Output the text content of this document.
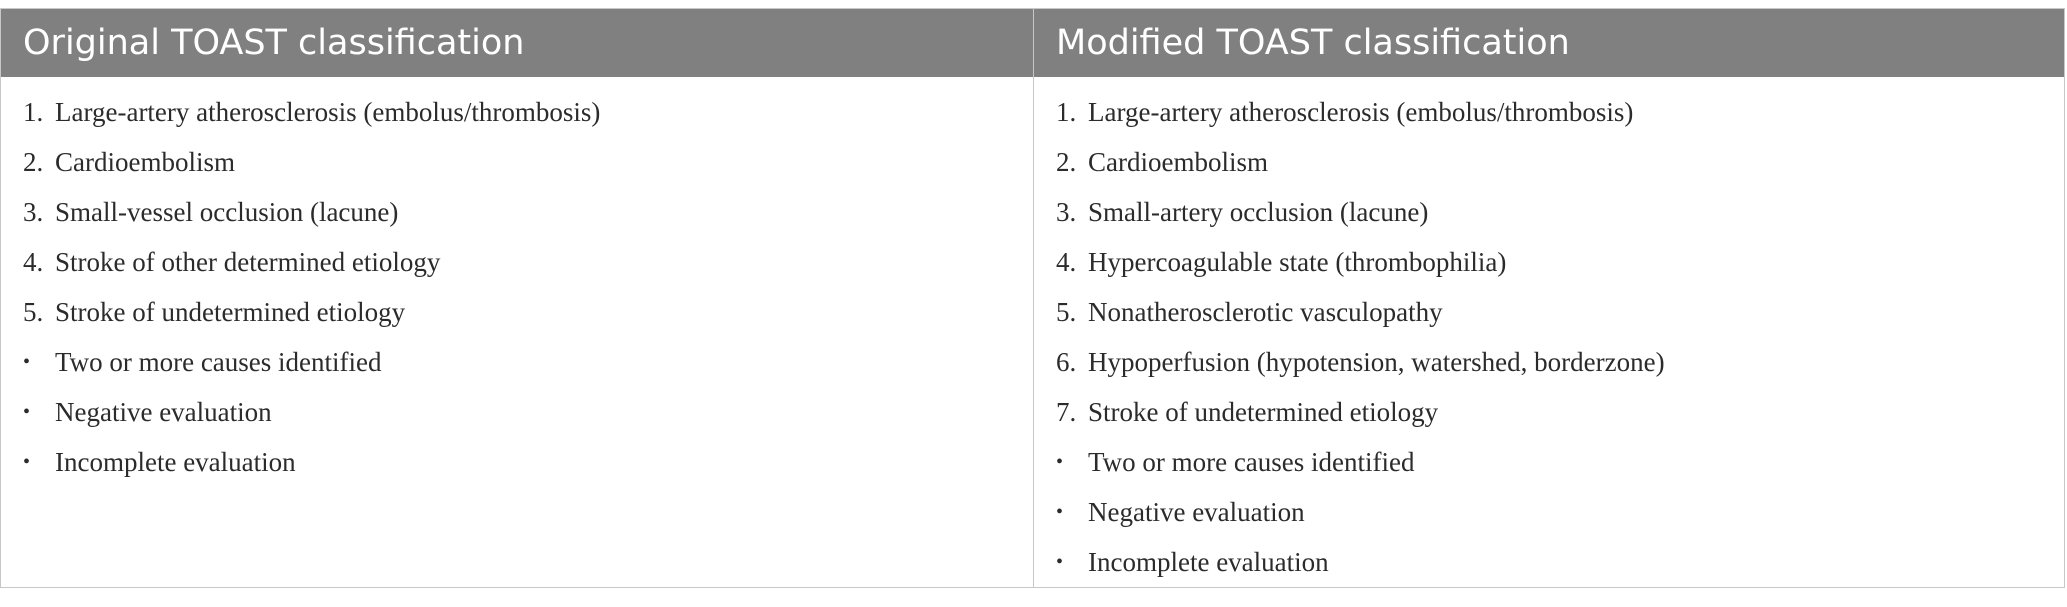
Original TOAST classification
1. Large-artery atherosclerosis (embolus/thrombosis)
2. Cardioembolism
3. Small-vessel occlusion (lacune)
4. Stroke of other determined etiology
5. Stroke of undetermined etiology
• Two or more causes identified
• Negative evaluation
• Incomplete evaluation
Modified TOAST classification
1. Large-artery atherosclerosis (embolus/thrombosis)
2. Cardioembolism
3. Small-artery occlusion (lacune)
4. Hypercoagulable state (thrombophilia)
5. Nonatherosclerotic vasculopathy
6. Hypoperfusion (hypotension, watershed, borderzone)
7. Stroke of undetermined etiology
• Two or more causes identified
• Negative evaluation
• Incomplete evaluation
